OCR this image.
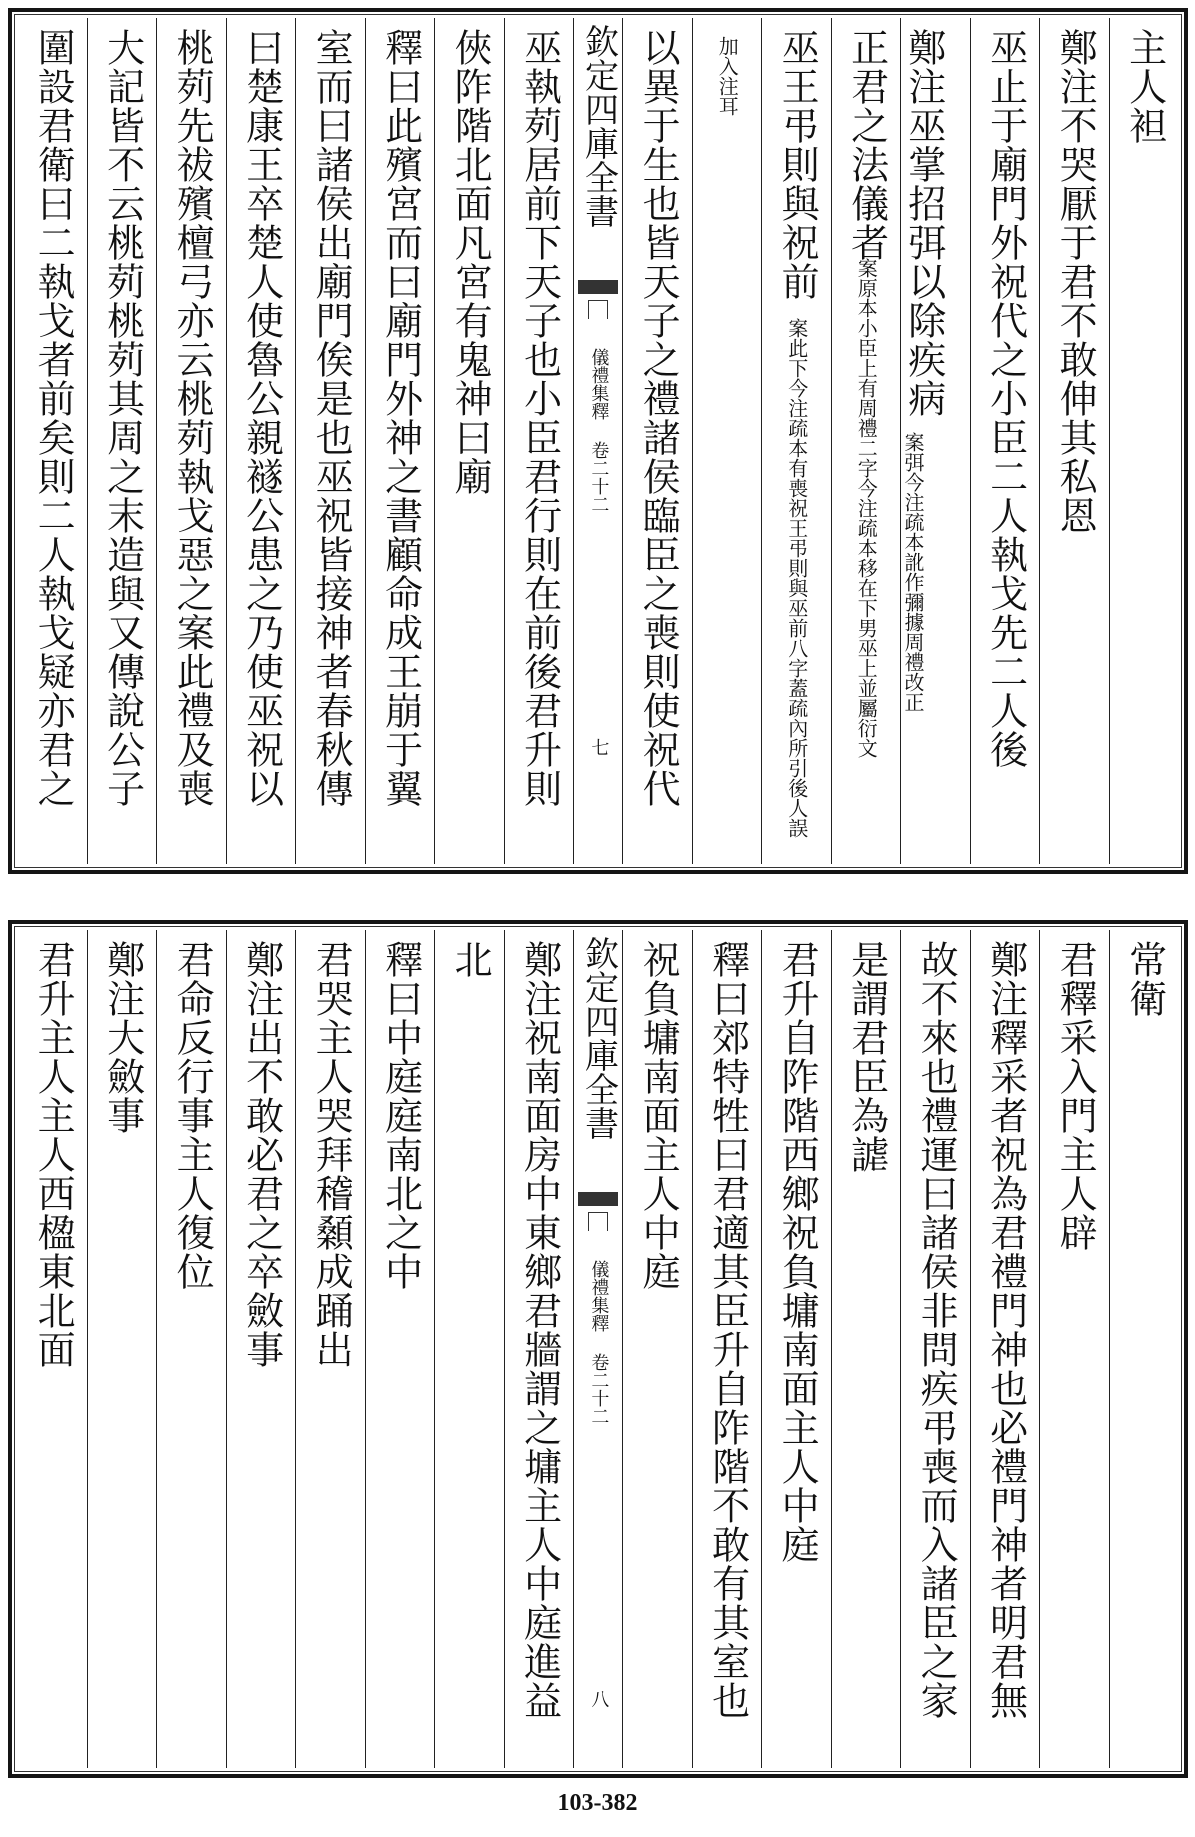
主人袒
鄭注不哭厭于君不敢伸其私恩
巫止于廟門外祝代之小臣二人執戈先二人後
鄭注巫掌招弭以除疾病 案弭今注疏本訛作彌據周禮改正
正君之法儀者
案原本小臣上有周禮二字今注疏本移在下男巫上並屬衍文
巫王弔則與祝前
案此下今注疏本有喪祝王弔則與巫前八字蓋疏內所引後人誤
加入注耳
以異于生也皆天子之禮諸侯臨臣之喪則使祝代
欽定四庫全書
儀禮集釋 卷二十二
七
巫執茢居前下天子也小臣君行則在前後君升則
俠阼階北面凡宮有鬼神曰廟
釋曰此殯宮而曰廟門外神之書顧命成王崩于翼
室而曰諸侯出廟門俟是也巫祝皆接神者春秋傳
曰楚康王卒楚人使魯公親襚公患之乃使巫祝以
桃茢先祓殯檀弓亦云桃茢執戈惡之案此禮及喪
大記皆不云桃茢桃茢其周之末造與又傳說公子
圍設君衛曰二執戈者前矣則二人執戈疑亦君之
常衛
君釋采入門主人辟
鄭注釋采者祝為君禮門神也必禮門神者明君無
故不來也禮運曰諸侯非問疾弔喪而入諸臣之家
是謂君臣為謔
君升自阼階西鄉祝負墉南面主人中庭
釋曰郊特牲曰君適其臣升自阼階不敢有其室也
祝負墉南面主人中庭
欽定四庫全書
儀禮集釋 卷二十二
八
鄭注祝南面房中東鄉君牆謂之墉主人中庭進益
北
釋曰中庭庭南北之中
君哭主人哭拜稽顙成踊出
鄭注出不敢必君之卒斂事
君命反行事主人復位
鄭注大斂事
君升主人主人西楹東北面
103-382
